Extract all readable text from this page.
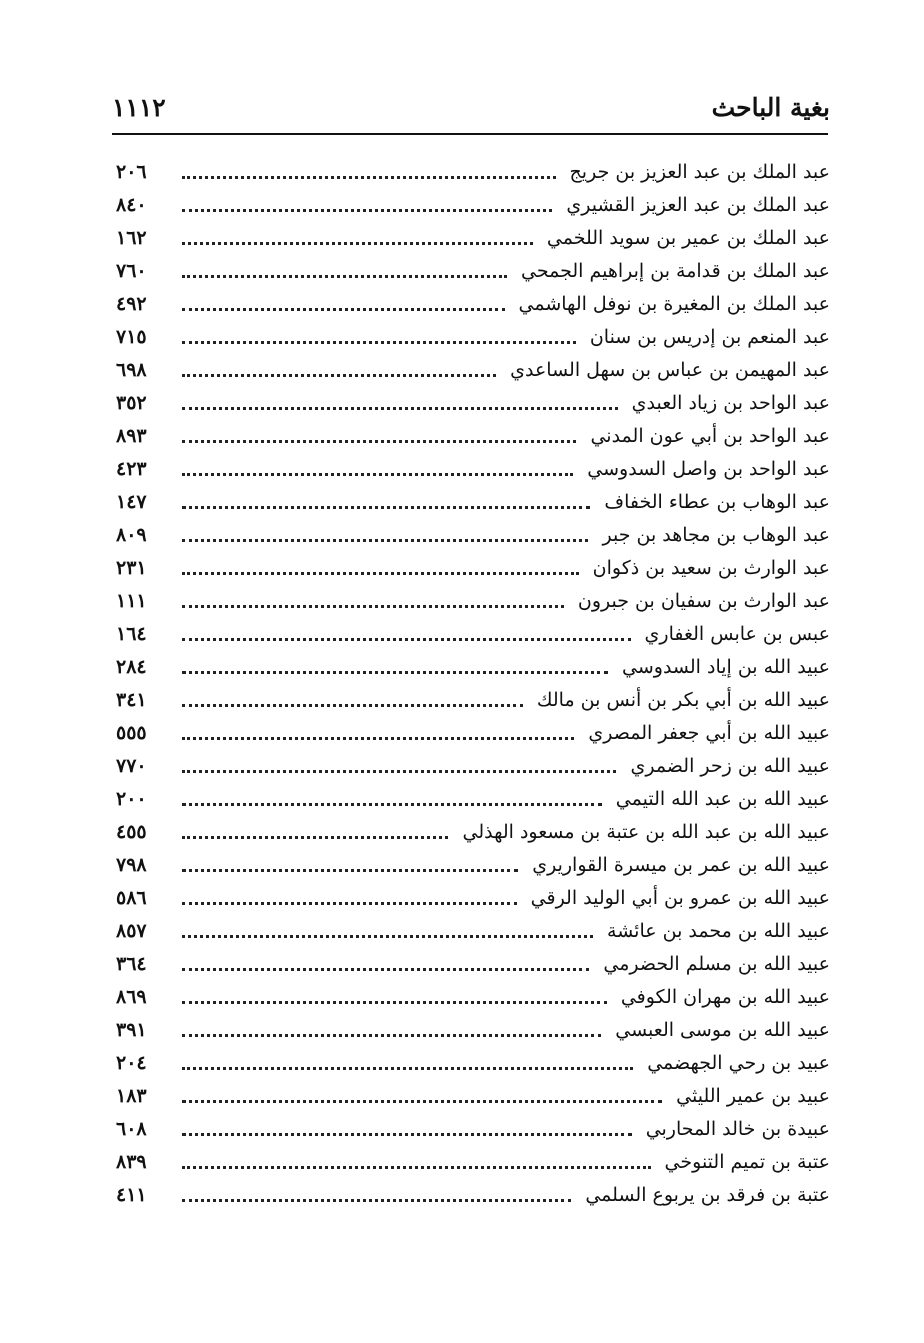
بغية الباحث
١١١٢
عبد الملك بن عبد العزيز بن جريج
٢٠٦
عبد الملك بن عبد العزيز القشيري
٨٤٠
عبد الملك بن عمير بن سويد اللخمي
١٦٢
عبد الملك بن قدامة بن إبراهيم الجمحي
٧٦٠
عبد الملك بن المغيرة بن نوفل الهاشمي
٤٩٢
عبد المنعم بن إدريس بن سنان
٧١٥
عبد المهيمن بن عباس بن سهل الساعدي
٦٩٨
عبد الواحد بن زياد العبدي
٣٥٢
عبد الواحد بن أبي عون المدني
٨٩٣
عبد الواحد بن واصل السدوسي
٤٢٣
عبد الوهاب بن عطاء الخفاف
١٤٧
عبد الوهاب بن مجاهد بن جبر
٨٠٩
عبد الوارث بن سعيد بن ذكوان
٢٣١
عبد الوارث بن سفيان بن جبرون
١١١
عبس بن عابس الغفاري
١٦٤
عبيد الله بن إياد السدوسي
٢٨٤
عبيد الله بن أبي بكر بن أنس بن مالك
٣٤١
عبيد الله بن أبي جعفر المصري
٥٥٥
عبيد الله بن زحر الضمري
٧٧٠
عبيد الله بن عبد الله التيمي
٢٠٠
عبيد الله بن عبد الله بن عتبة بن مسعود الهذلي
٤٥٥
عبيد الله بن عمر بن ميسرة القواريري
٧٩٨
عبيد الله بن عمرو بن أبي الوليد الرقي
٥٨٦
عبيد الله بن محمد بن عائشة
٨٥٧
عبيد الله بن مسلم الحضرمي
٣٦٤
عبيد الله بن مهران الكوفي
٨٦٩
عبيد الله بن موسى العبسي
٣٩١
عبيد بن رحي الجهضمي
٢٠٤
عبيد بن عمير الليثي
١٨٣
عبيدة بن خالد المحاربي
٦٠٨
عتبة بن تميم التنوخي
٨٣٩
عتبة بن فرقد بن يربوع السلمي
٤١١
